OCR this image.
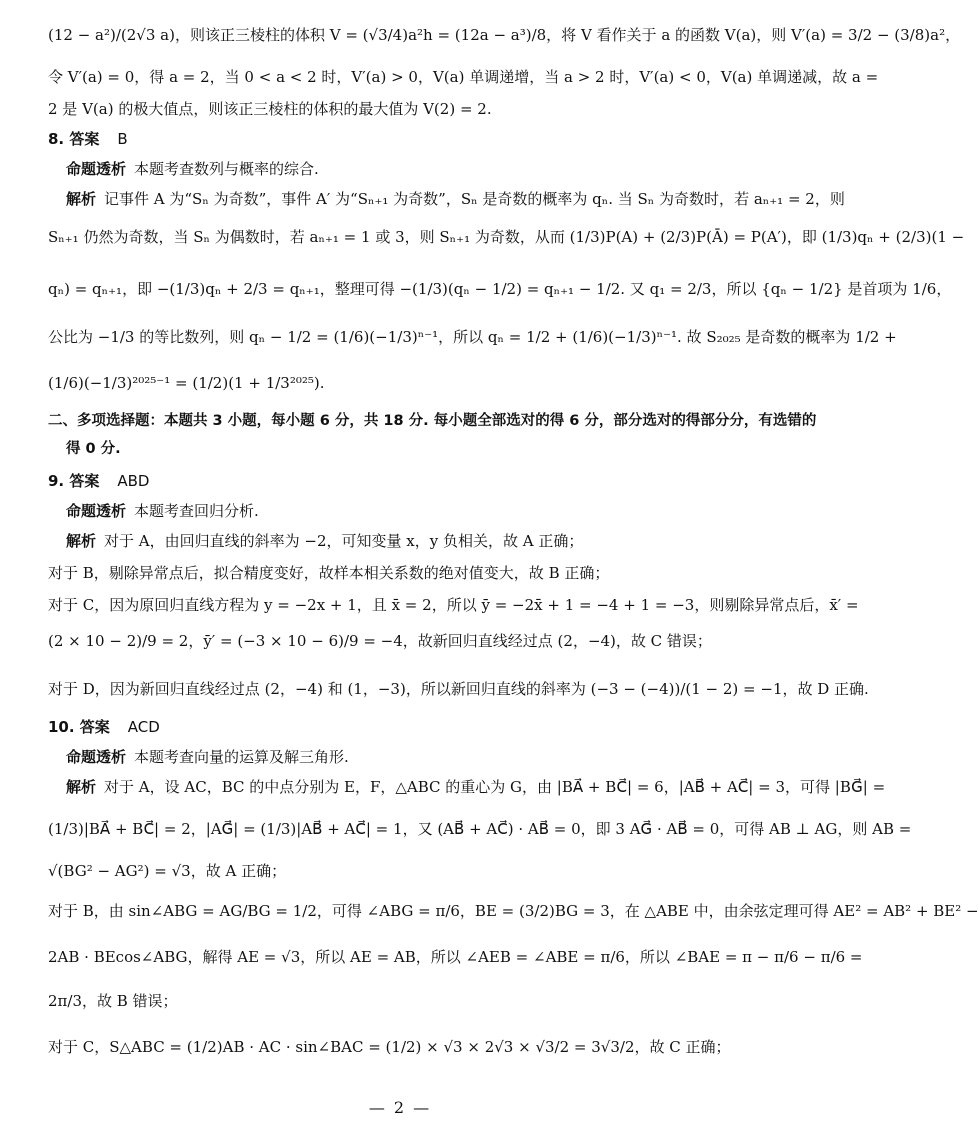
(12 − a²)/(2√3 a)，则该正三棱柱的体积 V = (√3/4)a²h = (12a − a³)/8，将 V 看作关于 a 的函数 V(a)，则 V′(a) = 3/2 − (3/8)a²，
令 V′(a) = 0，得 a = 2，当 0 < a < 2 时，V′(a) > 0，V(a) 单调递增，当 a > 2 时，V′(a) < 0，V(a) 单调递减，故 a =
2 是 V(a) 的极大值点，则该正三棱柱的体积的最大值为 V(2) = 2.
8. 答案 B
命题透析 本题考查数列与概率的综合.
解析 记事件 A 为“Sₙ 为奇数”，事件 A′ 为“Sₙ₊₁ 为奇数”，Sₙ 是奇数的概率为 qₙ. 当 Sₙ 为奇数时，若 aₙ₊₁ = 2，则
Sₙ₊₁ 仍然为奇数，当 Sₙ 为偶数时，若 aₙ₊₁ = 1 或 3，则 Sₙ₊₁ 为奇数，从而 (1/3)P(A) + (2/3)P(Ā) = P(A′)，即 (1/3)qₙ + (2/3)(1 −
qₙ) = qₙ₊₁，即 −(1/3)qₙ + 2/3 = qₙ₊₁，整理可得 −(1/3)(qₙ − 1/2) = qₙ₊₁ − 1/2. 又 q₁ = 2/3，所以 {qₙ − 1/2} 是首项为 1/6，
公比为 −1/3 的等比数列，则 qₙ − 1/2 = (1/6)(−1/3)ⁿ⁻¹，所以 qₙ = 1/2 + (1/6)(−1/3)ⁿ⁻¹. 故 S₂₀₂₅ 是奇数的概率为 1/2 +
(1/6)(−1/3)²⁰²⁵⁻¹ = (1/2)(1 + 1/3²⁰²⁵).
二、多项选择题：本题共 3 小题，每小题 6 分，共 18 分. 每小题全部选对的得 6 分，部分选对的得部分分，有选错的
得 0 分.
9. 答案 ABD
命题透析 本题考查回归分析.
解析 对于 A，由回归直线的斜率为 −2，可知变量 x，y 负相关，故 A 正确；
对于 B，剔除异常点后，拟合精度变好，故样本相关系数的绝对值变大，故 B 正确；
对于 C，因为原回归直线方程为 y = −2x + 1，且 x̄ = 2，所以 ȳ = −2x̄ + 1 = −4 + 1 = −3，则剔除异常点后，x̄′ =
(2 × 10 − 2)/9 = 2，ȳ′ = (−3 × 10 − 6)/9 = −4，故新回归直线经过点 (2，−4)，故 C 错误；
对于 D，因为新回归直线经过点 (2，−4) 和 (1，−3)，所以新回归直线的斜率为 (−3 − (−4))/(1 − 2) = −1，故 D 正确.
10. 答案 ACD
命题透析 本题考查向量的运算及解三角形.
解析 对于 A，设 AC，BC 的中点分别为 E，F，△ABC 的重心为 G，由 |BA⃗ + BC⃗| = 6，|AB⃗ + AC⃗| = 3，可得 |BG⃗| =
(1/3)|BA⃗ + BC⃗| = 2，|AG⃗| = (1/3)|AB⃗ + AC⃗| = 1，又 (AB⃗ + AC⃗) · AB⃗ = 0，即 3 AG⃗ · AB⃗ = 0，可得 AB ⊥ AG，则 AB =
√(BG² − AG²) = √3，故 A 正确；
对于 B，由 sin∠ABG = AG/BG = 1/2，可得 ∠ABG = π/6，BE = (3/2)BG = 3，在 △ABE 中，由余弦定理可得 AE² = AB² + BE² −
2AB · BEcos∠ABG，解得 AE = √3，所以 AE = AB，所以 ∠AEB = ∠ABE = π/6，所以 ∠BAE = π − π/6 − π/6 =
2π/3，故 B 错误；
对于 C，S△ABC = (1/2)AB · AC · sin∠BAC = (1/2) × √3 × 2√3 × √3/2 = 3√3/2，故 C 正确；
— 2 —
